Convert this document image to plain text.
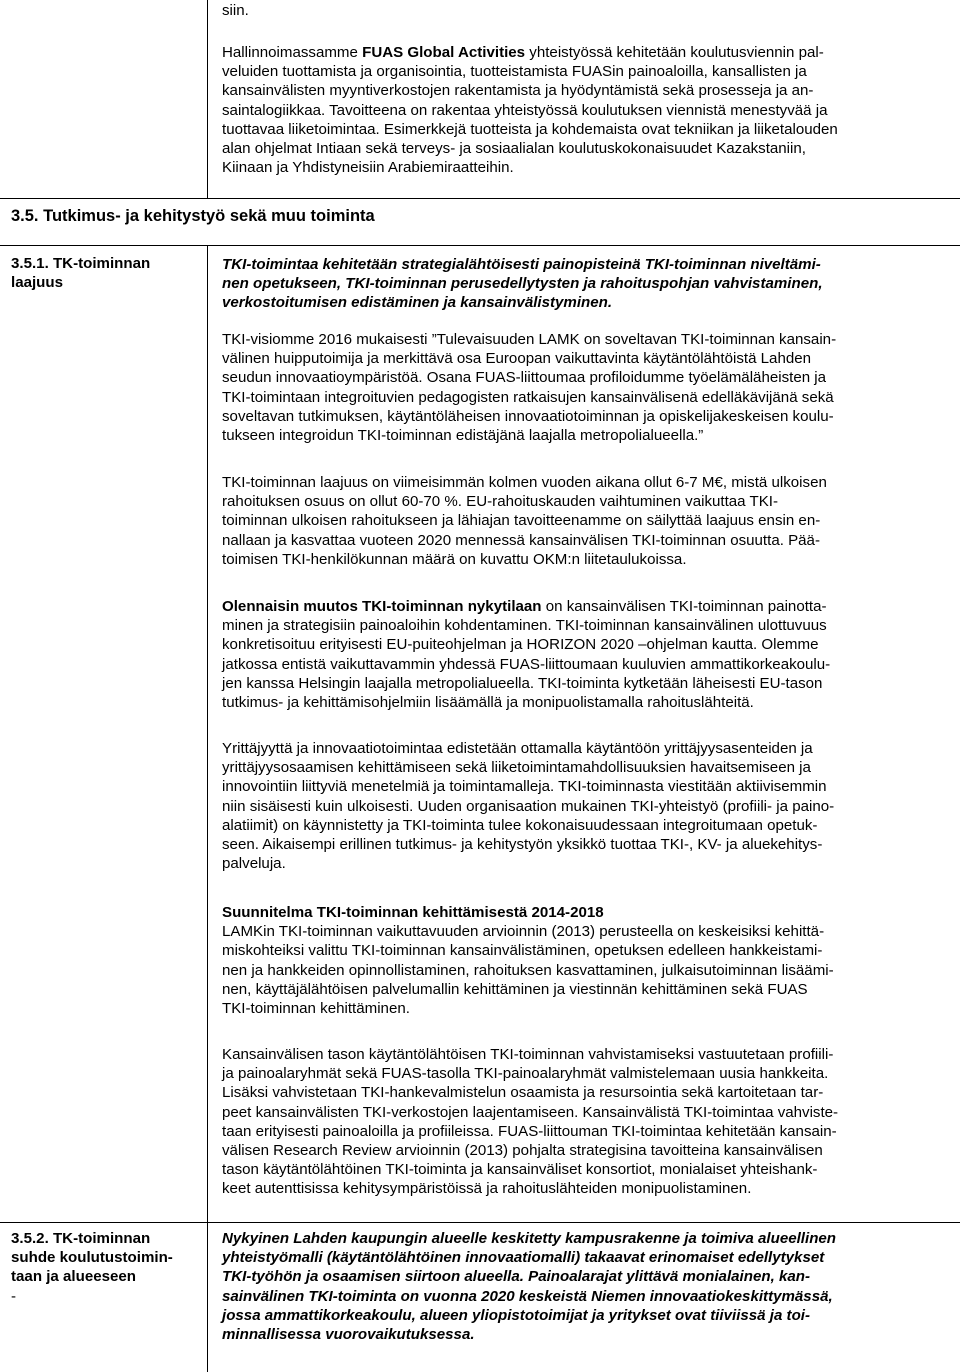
siin.
Hallinnoimassamme FUAS Global Activities yhteistyössä kehitetään koulutusviennin pal-
veluiden tuottamista ja organisointia, tuotteistamista FUASin painoaloilla, kansallisten ja
kansainvälisten myyntiverkostojen rakentamista ja hyödyntämistä sekä prosesseja ja an-
saintalogiikkaa. Tavoitteena on rakentaa yhteistyössä koulutuksen viennistä menestyvää ja
tuottavaa liiketoimintaa. Esimerkkejä tuotteista ja kohdemaista ovat tekniikan ja liiketalouden
alan ohjelmat Intiaan sekä terveys- ja sosiaalialan koulutuskokonaisuudet Kazakstaniin,
Kiinaan ja Yhdistyneisiin Arabiemiraatteihin.
3.5. Tutkimus- ja kehitystyö sekä muu toiminta
3.5.1. TK-toiminnan
laajuus
TKI-toimintaa kehitetään strategialähtöisesti painopisteinä TKI-toiminnan niveltämi-
nen opetukseen, TKI-toiminnan perusedellytysten ja rahoituspohjan vahvistaminen,
verkostoitumisen edistäminen ja kansainvälistyminen.
TKI-visiomme 2016 mukaisesti ”Tulevaisuuden LAMK on soveltavan TKI-toiminnan kansain-
välinen huipputoimija ja merkittävä osa Euroopan vaikuttavinta käytäntölähtöistä Lahden
seudun innovaatioympäristöä. Osana FUAS-liittoumaa profiloidumme työelämäläheisten ja
TKI-toimintaan integroituvien pedagogisten ratkaisujen kansainvälisenä edelläkävijänä sekä
soveltavan tutkimuksen, käytäntöläheisen innovaatiotoiminnan ja opiskelijakeskeisen koulu-
tukseen integroidun TKI-toiminnan edistäjänä laajalla metropolialueella.”
TKI-toiminnan laajuus on viimeisimmän kolmen vuoden aikana ollut 6-7 M€, mistä ulkoisen
rahoituksen osuus on ollut 60-70 %. EU-rahoituskauden vaihtuminen vaikuttaa TKI-
toiminnan ulkoisen rahoitukseen ja lähiajan tavoitteenamme on säilyttää laajuus ensin en-
nallaan ja kasvattaa vuoteen 2020 mennessä kansainvälisen TKI-toiminnan osuutta. Pää-
toimisen TKI-henkilökunnan määrä on kuvattu OKM:n liitetaulukoissa.
Olennaisin muutos TKI-toiminnan nykytilaan on kansainvälisen TKI-toiminnan painotta-
minen ja strategisiin painoaloihin kohdentaminen. TKI-toiminnan kansainvälinen ulottuvuus
konkretisoituu erityisesti EU-puiteohjelman ja HORIZON 2020 –ohjelman kautta. Olemme
jatkossa entistä vaikuttavammin yhdessä FUAS-liittoumaan kuuluvien ammattikorkeakoulu-
jen kanssa Helsingin laajalla metropolialueella. TKI-toiminta kytketään läheisesti EU-tason
tutkimus- ja kehittämisohjelmiin lisäämällä ja monipuolistamalla rahoituslähteitä.
Yrittäjyyttä ja innovaatiotoimintaa edistetään ottamalla käytäntöön yrittäjyysasenteiden ja
yrittäjyysosaamisen kehittämiseen sekä liiketoimintamahdollisuuksien havaitsemiseen ja
innovointiin liittyviä menetelmiä ja toimintamalleja. TKI-toiminnasta viestitään aktiivisemmin
niin sisäisesti kuin ulkoisesti. Uuden organisaation mukainen TKI-yhteistyö (profiili- ja paino-
alatiimit) on käynnistetty ja TKI-toiminta tulee kokonaisuudessaan integroitumaan opetuk-
seen. Aikaisempi erillinen tutkimus- ja kehitystyön yksikkö tuottaa TKI-, KV- ja aluekehitys-
palveluja.
Suunnitelma TKI-toiminnan kehittämisestä 2014-2018
LAMKin TKI-toiminnan vaikuttavuuden arvioinnin (2013) perusteella on keskeisiksi kehittä-
miskohteiksi valittu TKI-toiminnan kansainvälistäminen, opetuksen edelleen hankkeistami-
nen ja hankkeiden opinnollistaminen, rahoituksen kasvattaminen, julkaisutoiminnan lisäämi-
nen, käyttäjälähtöisen palvelumallin kehittäminen ja viestinnän kehittäminen sekä FUAS
TKI-toiminnan kehittäminen.
Kansainvälisen tason käytäntölähtöisen TKI-toiminnan vahvistamiseksi vastuutetaan profiili-
ja painoalaryhmät sekä FUAS-tasolla TKI-painoalaryhmät valmistelemaan uusia hankkeita.
Lisäksi vahvistetaan TKI-hankevalmistelun osaamista ja resursointia sekä kartoitetaan tar-
peet kansainvälisten TKI-verkostojen laajentamiseen. Kansainvälistä TKI-toimintaa vahviste-
taan erityisesti painoaloilla ja profiileissa. FUAS-liittouman TKI-toimintaa kehitetään kansain-
välisen Research Review arvioinnin (2013) pohjalta strategisina tavoitteina kansainvälisen
tason käytäntölähtöinen TKI-toiminta ja kansainväliset konsortiot, monialaiset yhteishank-
keet autenttisissa kehitysympäristöissä ja rahoituslähteiden monipuolistaminen.
3.5.2. TK-toiminnan
suhde koulutustoimin-
taan ja alueeseen
-
Nykyinen Lahden kaupungin alueelle keskitetty kampusrakenne ja toimiva alueellinen
yhteistyömalli (käytäntölähtöinen innovaatiomalli) takaavat erinomaiset edellytykset
TKI-työhön ja osaamisen siirtoon alueella. Painoalarajat ylittävä monialainen, kan-
sainvälinen TKI-toiminta on vuonna 2020 keskeistä Niemen innovaatiokeskittymässä,
jossa ammattikorkeakoulu, alueen yliopistotoimijat ja yritykset ovat tiiviissä ja toi-
minnallisessa vuorovaikutuksessa.
